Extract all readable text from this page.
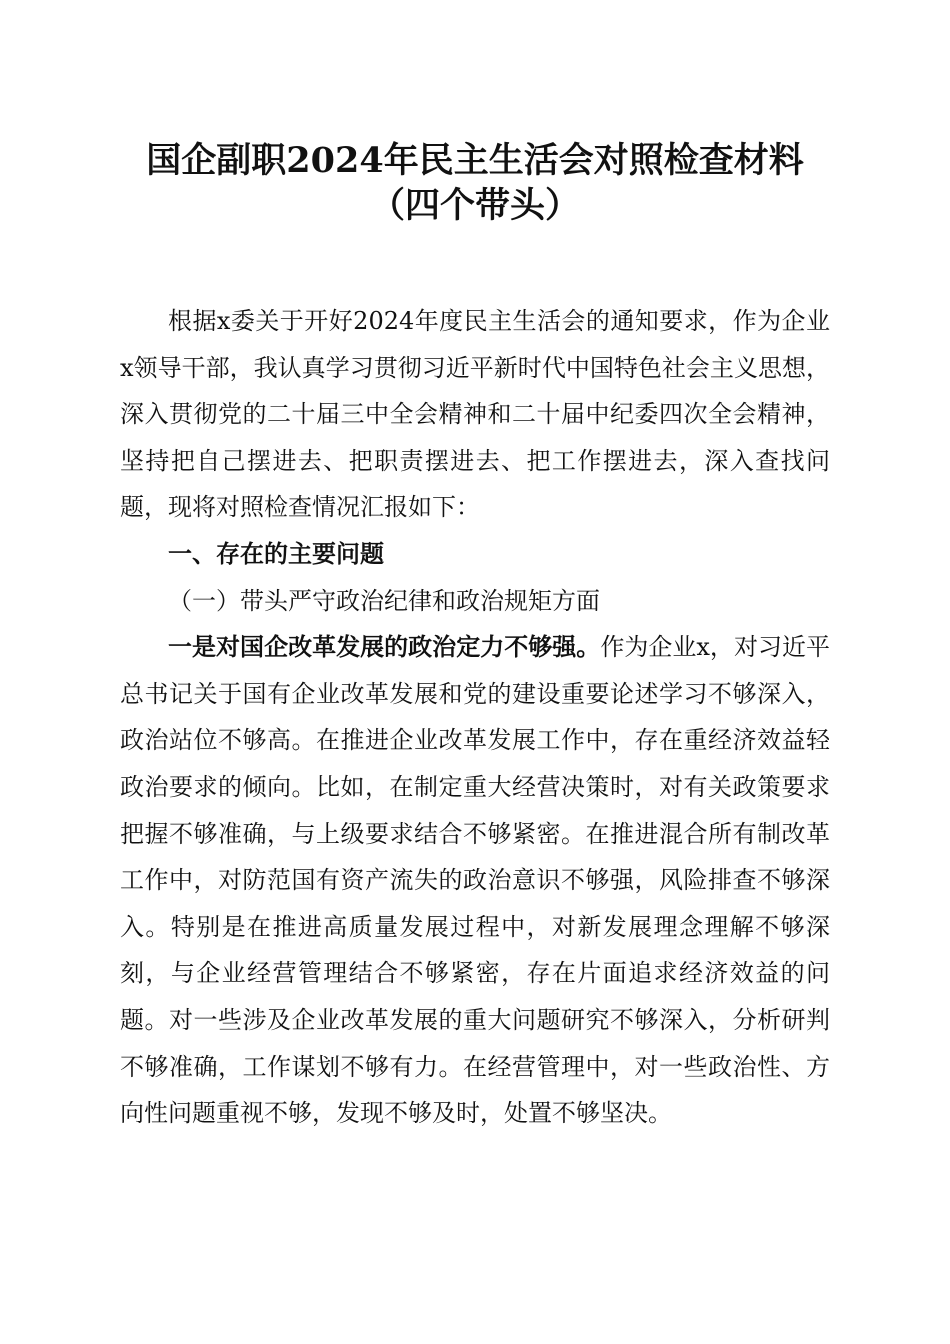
国企副职2024年民主生活会对照检查材料
（四个带头）

根据x委关于开好2024年度民主生活会的通知要求，作为企业x领导干部，我认真学习贯彻习近平新时代中国特色社会主义思想，深入贯彻党的二十届三中全会精神和二十届中纪委四次全会精神，坚持把自己摆进去、把职责摆进去、把工作摆进去，深入查找问题，现将对照检查情况汇报如下：

一、存在的主要问题

（一）带头严守政治纪律和政治规矩方面

一是对国企改革发展的政治定力不够强。作为企业x，对习近平总书记关于国有企业改革发展和党的建设重要论述学习不够深入，政治站位不够高。在推进企业改革发展工作中，存在重经济效益轻政治要求的倾向。比如，在制定重大经营决策时，对有关政策要求把握不够准确，与上级要求结合不够紧密。在推进混合所有制改革工作中，对防范国有资产流失的政治意识不够强，风险排查不够深入。特别是在推进高质量发展过程中，对新发展理念理解不够深刻，与企业经营管理结合不够紧密，存在片面追求经济效益的问题。对一些涉及企业改革发展的重大问题研究不够深入，分析研判不够准确，工作谋划不够有力。在经营管理中，对一些政治性、方向性问题重视不够，发现不够及时，处置不够坚决。
